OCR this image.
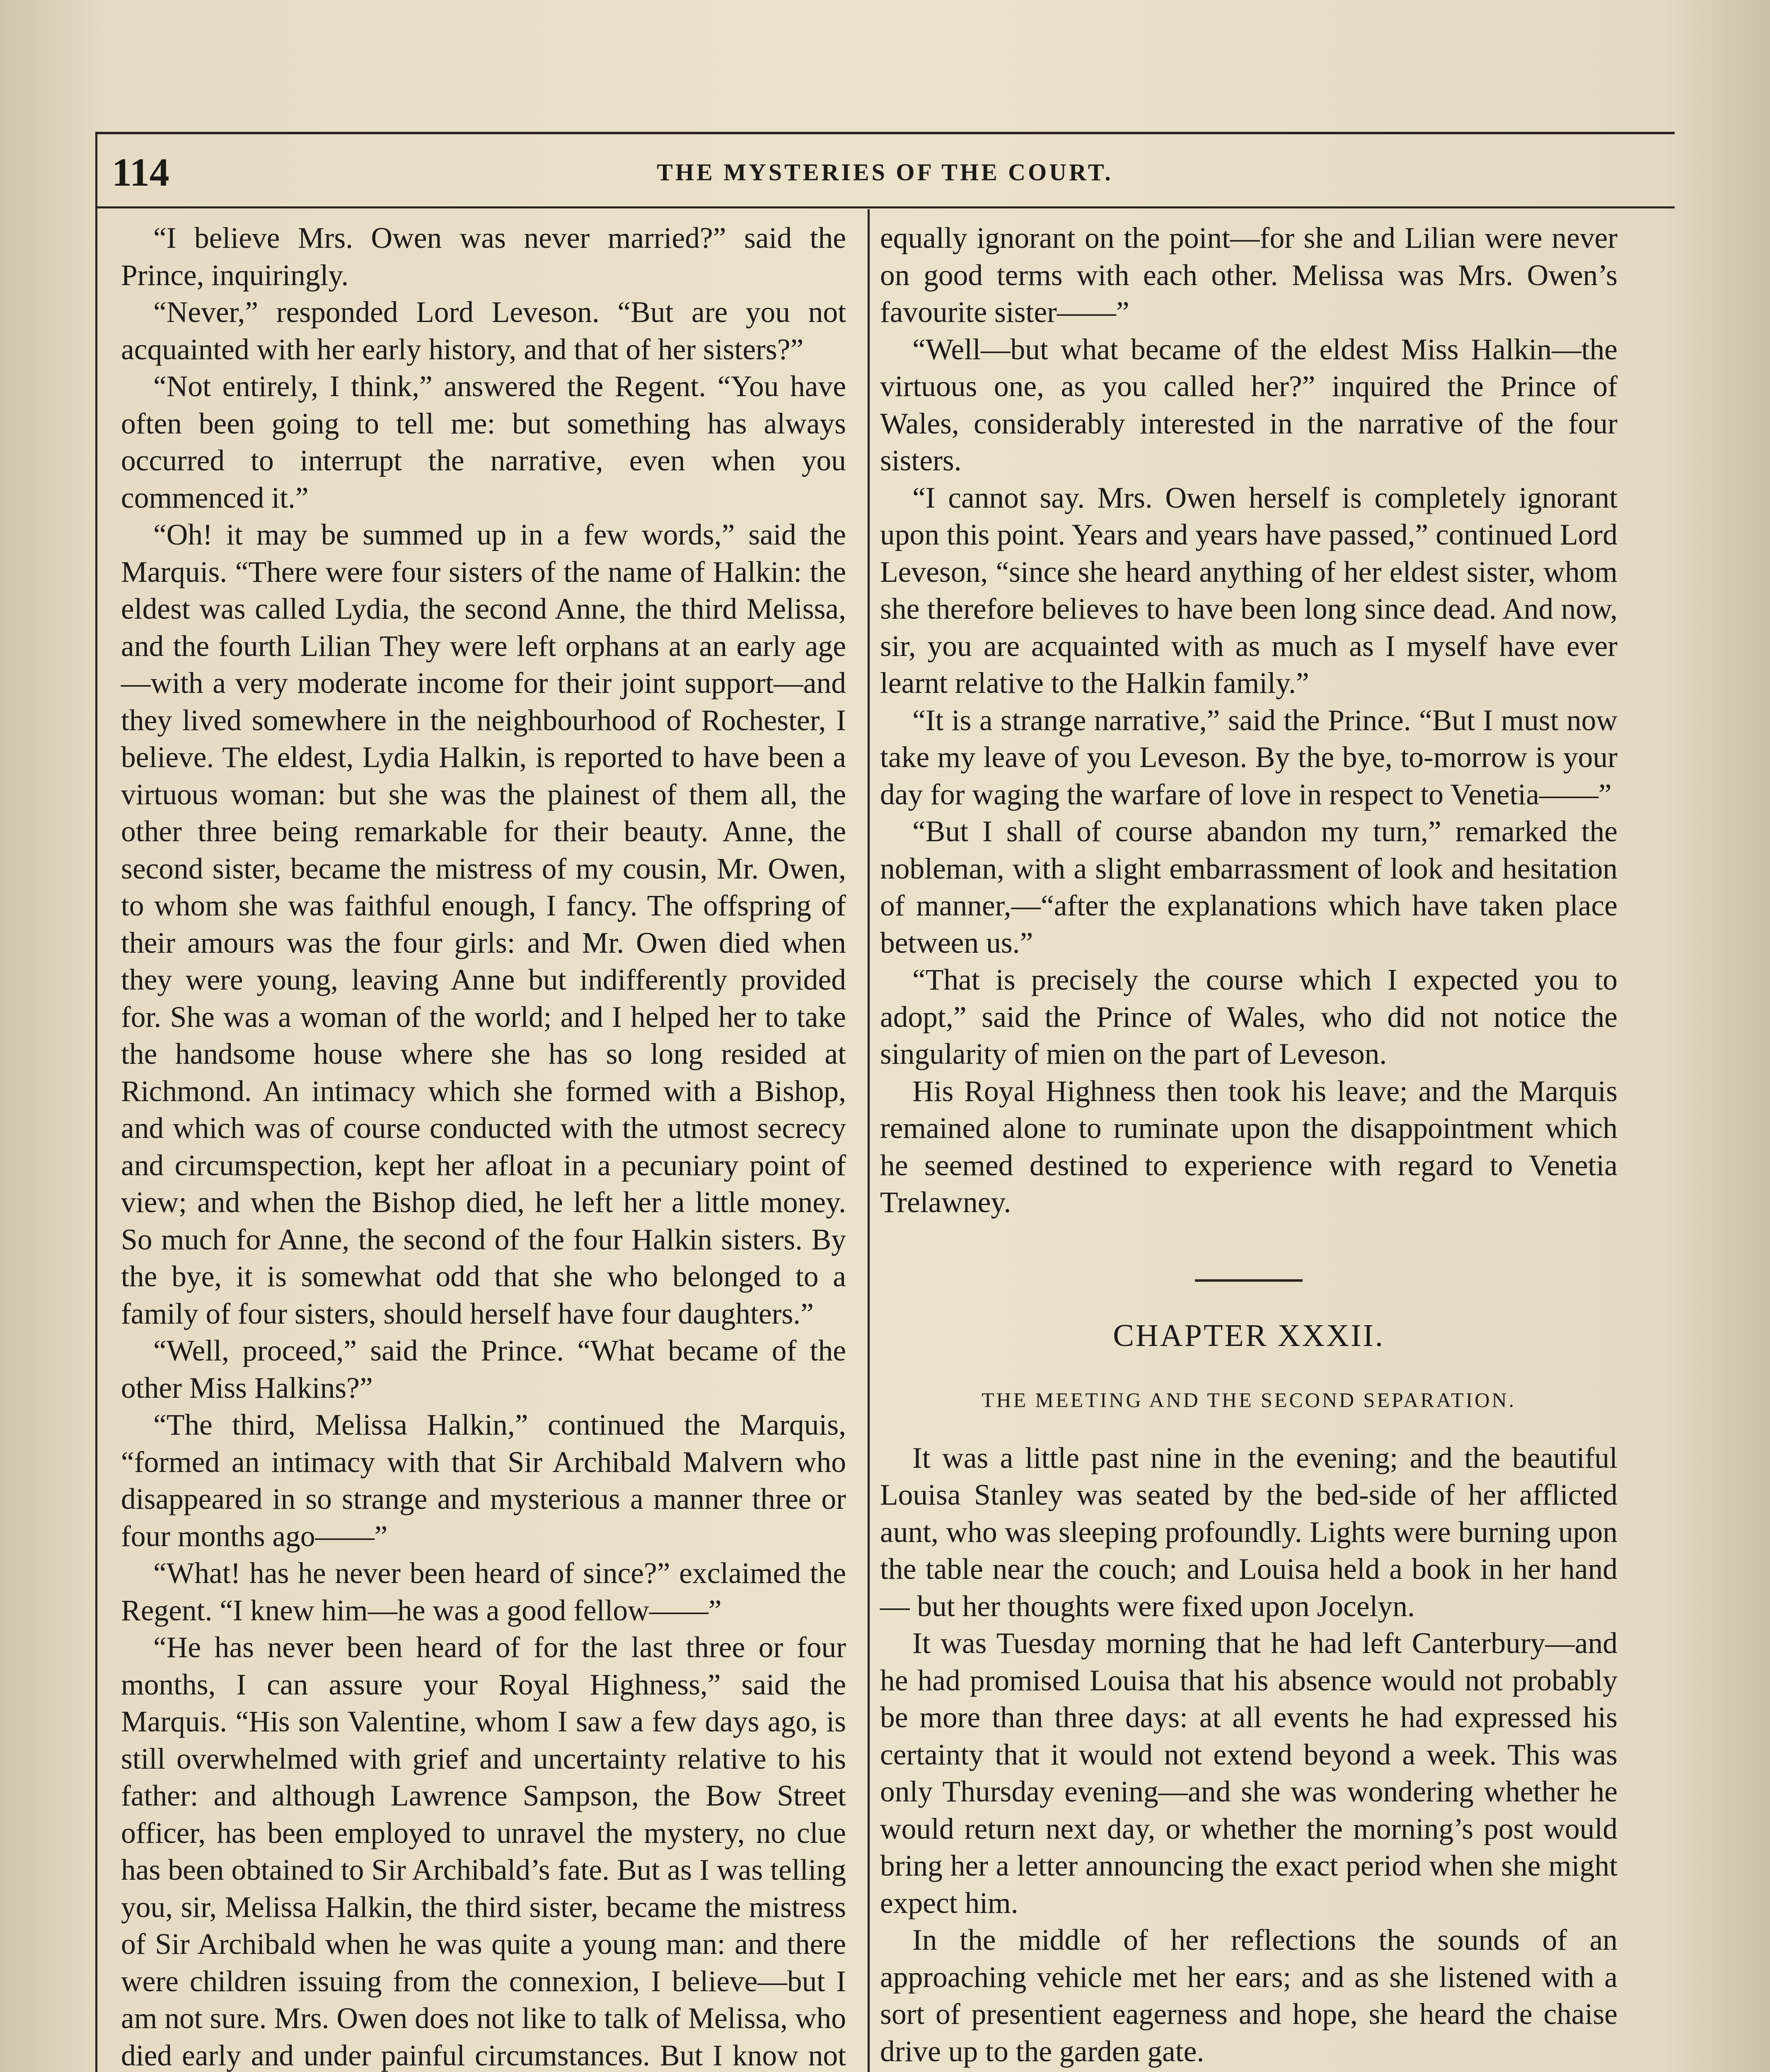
114	THE MYSTERIES OF THE COURT.

“I believe Mrs. Owen was never married?” said the Prince, inquiringly.

“Never,” responded Lord Leveson. “But are you not acquainted with her early history, and that of her sisters?”

“Not entirely, I think,” answered the Regent. “You have often been going to tell me: but something has always occurred to interrupt the narrative, even when you commenced it.”

“Oh! it may be summed up in a few words,” said the Marquis. “There were four sisters of the name of Halkin: the eldest was called Lydia, the second Anne, the third Melissa, and the fourth Lilian They were left orphans at an early age—with a very moderate income for their joint support—and they lived somewhere in the neighbourhood of Rochester, I believe. The eldest, Lydia Halkin, is reported to have been a virtuous woman: but she was the plainest of them all, the other three being remarkable for their beauty. Anne, the second sister, became the mistress of my cousin, Mr. Owen, to whom she was faithful enough, I fancy. The offspring of their amours was the four girls: and Mr. Owen died when they were young, leaving Anne but indifferently provided for. She was a woman of the world; and I helped her to take the handsome house where she has so long resided at Richmond. An intimacy which she formed with a Bishop, and which was of course conducted with the utmost secrecy and circumspection, kept her afloat in a pecuniary point of view; and when the Bishop died, he left her a little money. So much for Anne, the second of the four Halkin sisters. By the bye, it is somewhat odd that she who belonged to a family of four sisters, should herself have four daughters.”

“Well, proceed,” said the Prince. “What became of the other Miss Halkins?”

“The third, Melissa Halkin,” continued the Marquis, “formed an intimacy with that Sir Archibald Malvern who disappeared in so strange and mysterious a manner three or four months ago——”

“What! has he never been heard of since?” exclaimed the Regent. “I knew him—he was a good fellow——”

“He has never been heard of for the last three or four months, I can assure your Royal Highness,” said the Marquis. “His son Valentine, whom I saw a few days ago, is still overwhelmed with grief and uncertainty relative to his father: and although Lawrence Sampson, the Bow Street officer, has been employed to unravel the mystery, no clue has been obtained to Sir Archibald’s fate. But as I was telling you, sir, Melissa Halkin, the third sister, became the mistress of Sir Archibald when he was quite a young man: and there were children issuing from the connexion, I believe—but I am not sure. Mrs. Owen does not like to talk of Melissa, who died early and under painful circumstances. But I know not

equally ignorant on the point—for she and Lilian were never on good terms with each other. Melissa was Mrs. Owen’s favourite sister——”

“Well—but what became of the eldest Miss Halkin—the virtuous one, as you called her?” inquired the Prince of Wales, considerably interested in the narrative of the four sisters.

“I cannot say. Mrs. Owen herself is completely ignorant upon this point. Years and years have passed,” continued Lord Leveson, “since she heard anything of her eldest sister, whom she therefore believes to have been long since dead. And now, sir, you are acquainted with as much as I myself have ever learnt relative to the Halkin family.”

“It is a strange narrative,” said the Prince. “But I must now take my leave of you Leveson. By the bye, to-morrow is your day for waging the warfare of love in respect to Venetia——”

“But I shall of course abandon my turn,” remarked the nobleman, with a slight embarrassment of look and hesitation of manner,—“after the explanations which have taken place between us.”

“That is precisely the course which I expected you to adopt,” said the Prince of Wales, who did not notice the singularity of mien on the part of Leveson.

His Royal Highness then took his leave; and the Marquis remained alone to ruminate upon the disappointment which he seemed destined to experience with regard to Venetia Trelawney.

CHAPTER XXXII.
THE MEETING AND THE SECOND SEPARATION.

It was a little past nine in the evening; and the beautiful Louisa Stanley was seated by the bed-side of her afflicted aunt, who was sleeping profoundly. Lights were burning upon the table near the couch; and Louisa held a book in her hand — but her thoughts were fixed upon Jocelyn.

It was Tuesday morning that he had left Canterbury—and he had promised Louisa that his absence would not probably be more than three days: at all events he had expressed his certainty that it would not extend beyond a week. This was only Thursday evening—and she was wondering whether he would return next day, or whether the morning’s post would bring her a letter announcing the exact period when she might expect him.

In the middle of her reflections the sounds of an approaching vehicle met her ears; and as she listened with a sort of presentient eagerness and hope, she heard the chaise drive up to the garden gate.
